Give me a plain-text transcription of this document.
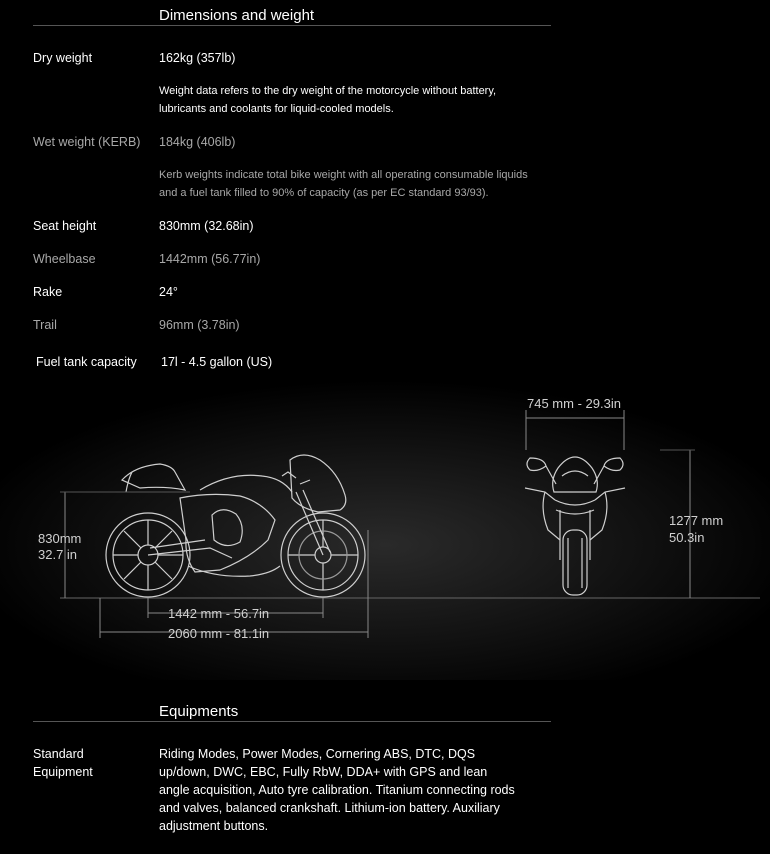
Dimensions and weight
Dry weight	162kg (357lb)
Weight data refers to the dry weight of the motorcycle without battery, lubricants and coolants for liquid-cooled models.
Wet weight (KERB) 184kg (406lb)
Kerb weights indicate total bike weight with all operating consumable liquids and a fuel tank filled to 90% of capacity (as per EC standard 93/93).
Seat height	830mm (32.68in)
Wheelbase	1442mm (56.77in)
Rake	24°
Trail	96mm (3.78in)
Fuel tank capacity 17l - 4.5 gallon (US)
830mm
32.7 in
1442 mm - 56.7in
2060 mm - 81.1in
745 mm - 29.3in
1277 mm
50.3in
Equipments
Standard Equipment
Riding Modes, Power Modes, Cornering ABS, DTC, DQS up/down, DWC, EBC, Fully RbW, DDA+ with GPS and lean angle acquisition, Auto tyre calibration. Titanium connecting rods and valves, balanced crankshaft. Lithium-ion battery. Auxiliary adjustment buttons.
